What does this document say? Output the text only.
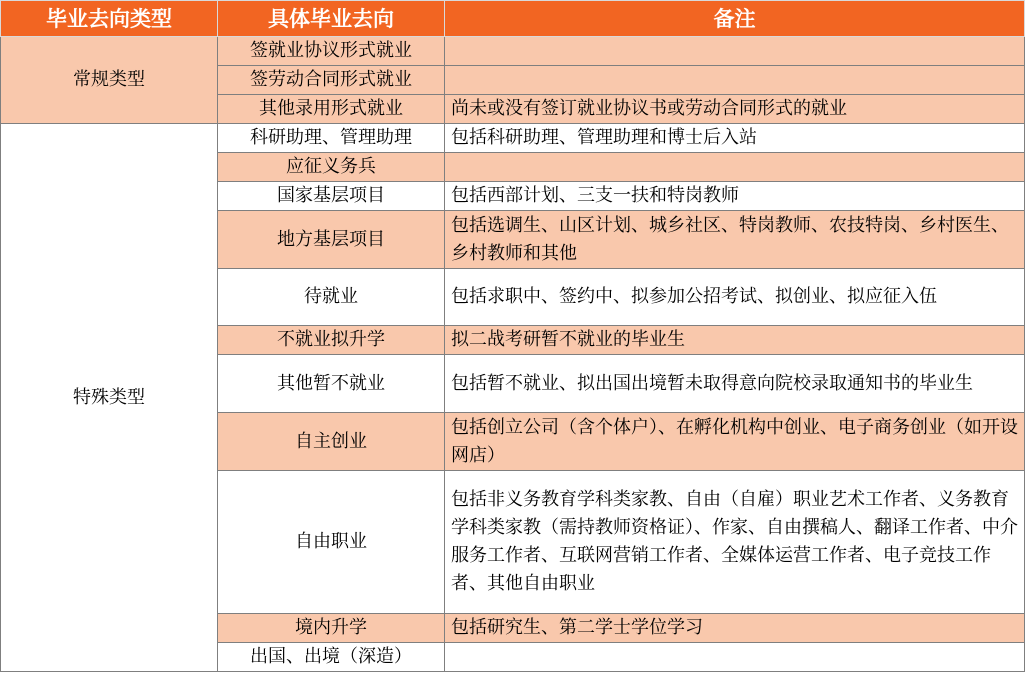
毕业去向类型	具体毕业去向	备注
常规类型	签就业协议形式就业	
	签劳动合同形式就业	
	其他录用形式就业	尚未或没有签订就业协议书或劳动合同形式的就业
特殊类型	科研助理、管理助理	包括科研助理、管理助理和博士后入站
	应征义务兵	
	国家基层项目	包括西部计划、三支一扶和特岗教师
	地方基层项目	包括选调生、山区计划、城乡社区、特岗教师、农技特岗、乡村医生、乡村教师和其他
	待就业	包括求职中、签约中、拟参加公招考试、拟创业、拟应征入伍
	不就业拟升学	拟二战考研暂不就业的毕业生
	其他暂不就业	包括暂不就业、拟出国出境暂未取得意向院校录取通知书的毕业生
	自主创业	包括创立公司（含个体户）、在孵化机构中创业、电子商务创业（如开设网店）
	自由职业	包括非义务教育学科类家教、自由（自雇）职业艺术工作者、义务教育学科类家教（需持教师资格证）、作家、自由撰稿人、翻译工作者、中介服务工作者、互联网营销工作者、全媒体运营工作者、电子竞技工作者、其他自由职业
	境内升学	包括研究生、第二学士学位学习
	出国、出境（深造）	
